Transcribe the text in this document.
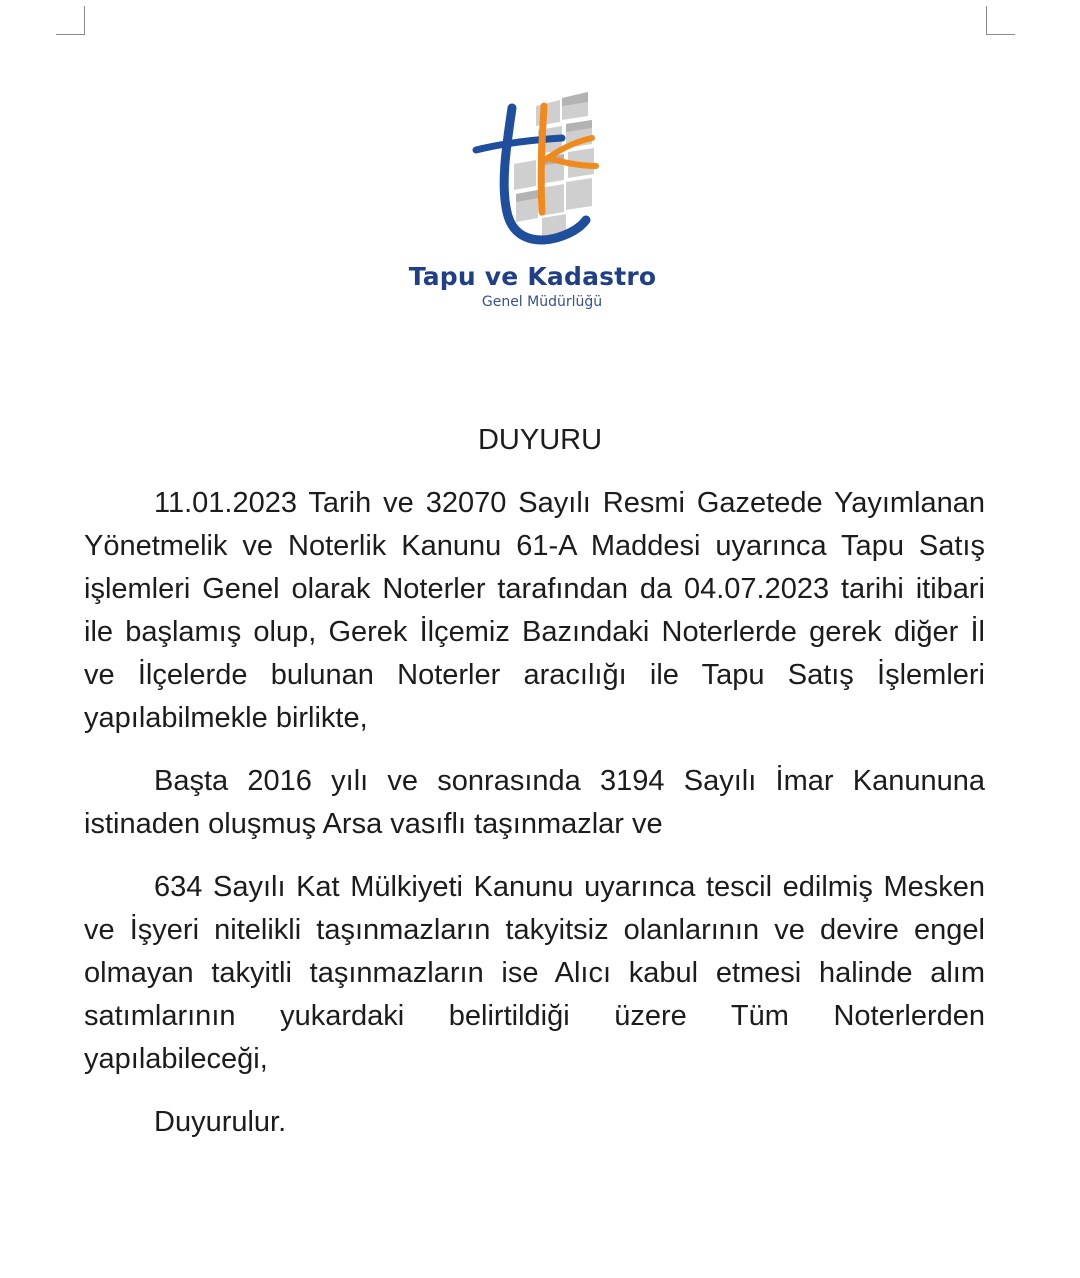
Tapu ve Kadastro
Genel Müdürlüğü
DUYURU

11.01.2023 Tarih ve 32070 Sayılı Resmi Gazetede Yayımlanan Yönetmelik ve Noterlik Kanunu 61-A Maddesi uyarınca Tapu Satış işlemleri Genel olarak Noterler tarafından da 04.07.2023 tarihi itibari ile başlamış olup, Gerek İlçemiz Bazındaki Noterlerde gerek diğer İl ve İlçelerde bulunan Noterler aracılığı ile Tapu Satış İşlemleri yapılabilmekle birlikte,

Başta 2016 yılı ve sonrasında 3194 Sayılı İmar Kanununa istinaden oluşmuş Arsa vasıflı taşınmazlar ve

634 Sayılı Kat Mülkiyeti Kanunu uyarınca tescil edilmiş Mesken ve İşyeri nitelikli taşınmazların takyitsiz olanlarının ve devire engel olmayan takyitli taşınmazların ise Alıcı kabul etmesi halinde alım satımlarının yukardaki belirtildiği üzere Tüm Noterlerden yapılabileceği,

Duyurulur.
